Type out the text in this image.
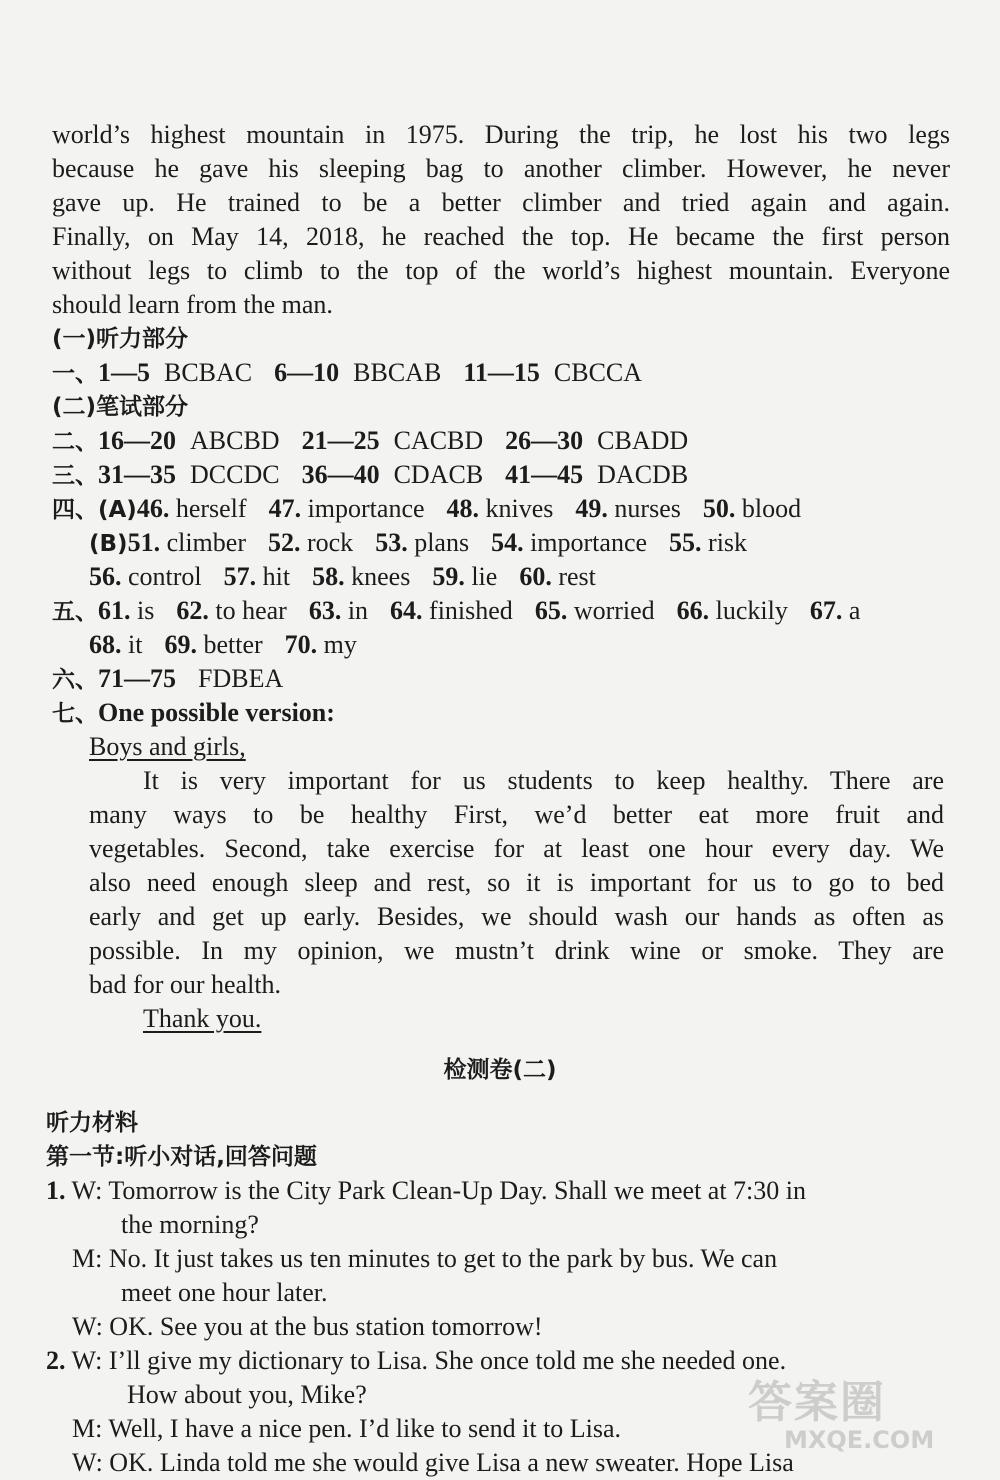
world’s highest mountain in 1975. During the trip, he lost his two legs
because he gave his sleeping bag to another climber. However, he never
gave up. He trained to be a better climber and tried again and again.
Finally, on May 14, 2018, he reached the top. He became the first person
without legs to climb to the top of the world’s highest mountain. Everyone
should learn from the man.
(一)听力部分
一、1—5 BCBAC 6—10 BBCAB 11—15 CBCCA
(二)笔试部分
二、16—20 ABCBD 21—25 CACBD 26—30 CBADD
三、31—35 DCCDC 36—40 CDACB 41—45 DACDB
四、(A)46. herself 47. importance 48. knives 49. nurses 50. blood
(B)51. climber 52. rock 53. plans 54. importance 55. risk
56. control 57. hit 58. knees 59. lie 60. rest
五、61. is 62. to hear 63. in 64. finished 65. worried 66. luckily 67. a
68. it 69. better 70. my
六、71—75 FDBEA
七、One possible version:
Boys and girls,
It is very important for us students to keep healthy. There are
many ways to be healthy First, we’d better eat more fruit and
vegetables. Second, take exercise for at least one hour every day. We
also need enough sleep and rest, so it is important for us to go to bed
early and get up early. Besides, we should wash our hands as often as
possible. In my opinion, we mustn’t drink wine or smoke. They are
bad for our health.
Thank you.
检测卷(二)
听力材料
第一节:听小对话,回答问题
1. W: Tomorrow is the City Park Clean-Up Day. Shall we meet at 7:30 in
the morning?
M: No. It just takes us ten minutes to get to the park by bus. We can
meet one hour later.
W: OK. See you at the bus station tomorrow!
2. W: I’ll give my dictionary to Lisa. She once told me she needed one.
How about you, Mike?
M: Well, I have a nice pen. I’d like to send it to Lisa.
W: OK. Linda told me she would give Lisa a new sweater. Hope Lisa
答案圈
MXQE.COM
